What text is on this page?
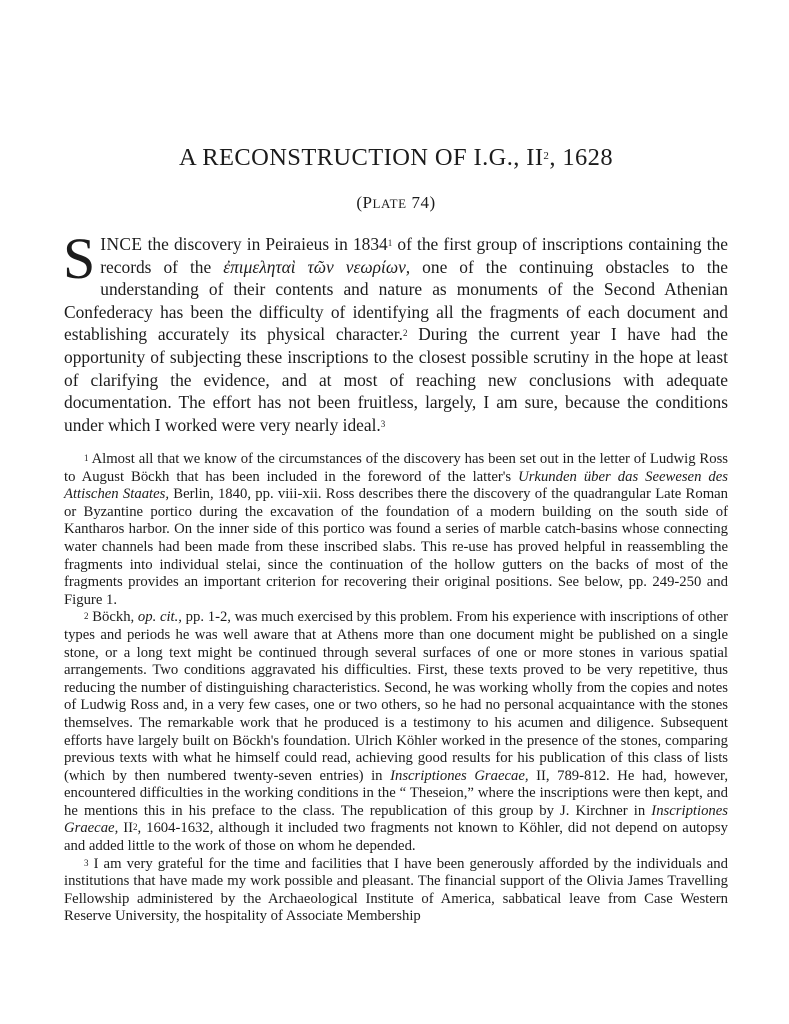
A RECONSTRUCTION OF I.G., $II^2$, 1628
(PLATE 74)
SINCE the discovery in Peiraieus in 1834$^1$ of the first group of inscriptions containing the records of the ἐπιμεληταὶ τῶν νεωρίων, one of the continuing obstacles to the understanding of their contents and nature as monuments of the Second Athenian Confederacy has been the difficulty of identifying all the fragments of each document and establishing accurately its physical character.$^2$ During the current year I have had the opportunity of subjecting these inscriptions to the closest possible scrutiny in the hope at least of clarifying the evidence, and at most of reaching new conclusions with adequate documentation. The effort has not been fruitless, largely, I am sure, because the conditions under which I worked were very nearly ideal.$^3$

$^1$ Almost all that we know of the circumstances of the discovery has been set out in the letter of Ludwig Ross to August Böckh that has been included in the foreword of the latter's Urkunden über das Seewesen des Attischen Staates, Berlin, 1840, pp. viii-xii. Ross describes there the discovery of the quadrangular Late Roman or Byzantine portico during the excavation of the foundation of a modern building on the south side of Kantharos harbor. On the inner side of this portico was found a series of marble catch-basins whose connecting water channels had been made from these inscribed slabs. This re-use has proved helpful in reassembling the fragments into individual stelai, since the continuation of the hollow gutters on the backs of most of the fragments provides an important criterion for recovering their original positions. See below, pp. 249-250 and Figure 1.

$^2$ Böckh, op. cit., pp. 1-2, was much exercised by this problem. From his experience with inscriptions of other types and periods he was well aware that at Athens more than one document might be published on a single stone, or a long text might be continued through several surfaces of one or more stones in various spatial arrangements. Two conditions aggravated his difficulties. First, these texts proved to be very repetitive, thus reducing the number of distinguishing characteristics. Second, he was working wholly from the copies and notes of Ludwig Ross and, in a very few cases, one or two others, so he had no personal acquaintance with the stones themselves. The remarkable work that he produced is a testimony to his acumen and diligence. Subsequent efforts have largely built on Böckh's foundation. Ulrich Köhler worked in the presence of the stones, comparing previous texts with what he himself could read, achieving good results for his publication of this class of lists (which by then numbered twenty-seven entries) in Inscriptiones Graecae, II, 789-812. He had, however, encountered difficulties in the working conditions in the “ Theseion,” where the inscriptions were then kept, and he mentions this in his preface to the class. The republication of this group by J. Kirchner in Inscriptiones Graecae, $II^2$, 1604-1632, although it included two fragments not known to Köhler, did not depend on autopsy and added little to the work of those on whom he depended.

$^3$ I am very grateful for the time and facilities that I have been generously afforded by the individuals and institutions that have made my work possible and pleasant. The financial support of the Olivia James Travelling Fellowship administered by the Archaeological Institute of America, sabbatical leave from Case Western Reserve University, the hospitality of Associate Membership
